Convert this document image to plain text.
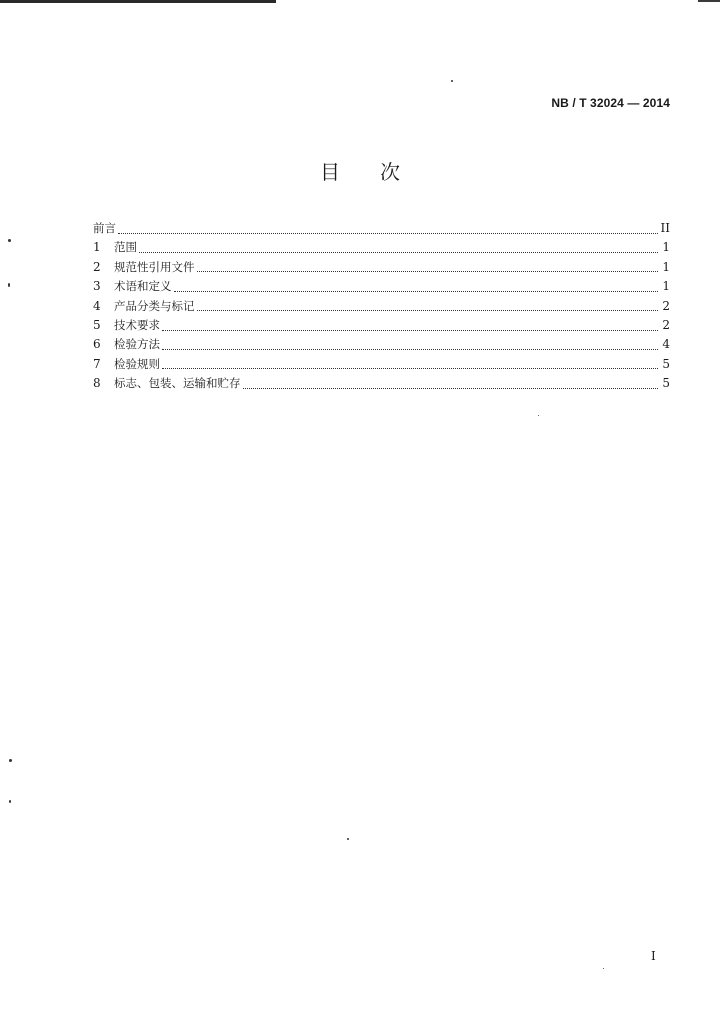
NB / T 32024 — 2014
目次
前言	II
1	范围	1
2	规范性引用文件	1
3	术语和定义	1
4	产品分类与标记	2
5	技术要求	2
6	检验方法	4
7	检验规则	5
8	标志、包装、运输和贮存	5
I
